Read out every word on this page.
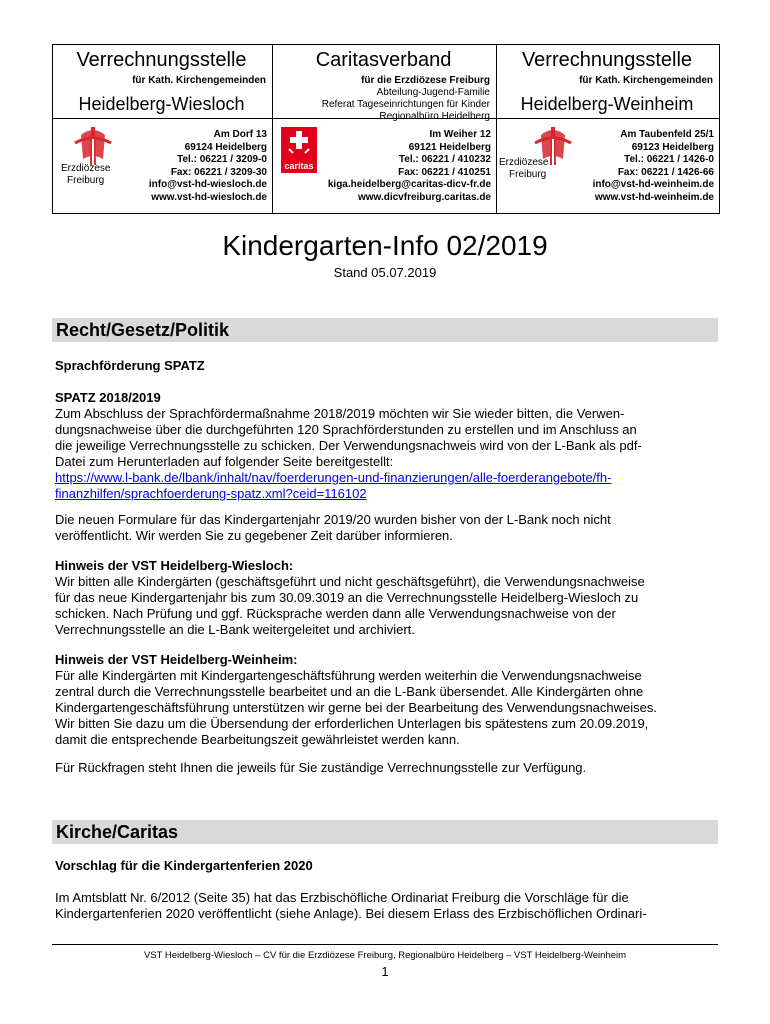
Verrechnungsstelle
für Kath. Kirchengemeinden
Heidelberg-Wiesloch
Erzdiözese
Freiburg
Am Dorf 13
69124 Heidelberg
Tel.: 06221 / 3209-0
Fax: 06221 / 3209-30
info@vst-hd-wiesloch.de
www.vst-hd-wiesloch.de
Caritasverband
für die Erzdiözese Freiburg
Abteilung-Jugend-Familie
Referat Tageseinrichtungen für Kinder
Regionalbüro Heidelberg
caritas
Im Weiher 12
69121 Heidelberg
Tel.: 06221 / 410232
Fax: 06221 / 410251
kiga.heidelberg@caritas-dicv-fr.de
www.dicvfreiburg.caritas.de
Verrechnungsstelle
für Kath. Kirchengemeinden
Heidelberg-Weinheim
Erzdiözese
Freiburg
Am Taubenfeld 25/1
69123 Heidelberg
Tel.: 06221 / 1426-0
Fax: 06221 / 1426-66
info@vst-hd-weinheim.de
www.vst-hd-weinheim.de
Kindergarten-Info 02/2019
Stand 05.07.2019
Recht/Gesetz/Politik
Sprachförderung SPATZ
SPATZ 2018/2019
Zum Abschluss der Sprachfördermaßnahme 2018/2019 möchten wir Sie wieder bitten, die Verwen-
dungsnachweise über die durchgeführten 120 Sprachförderstunden zu erstellen und im Anschluss an
die jeweilige Verrechnungsstelle zu schicken. Der Verwendungsnachweis wird von der L-Bank als pdf-
Datei zum Herunterladen auf folgender Seite bereitgestellt:
https://www.l-bank.de/lbank/inhalt/nav/foerderungen-und-finanzierungen/alle-foerderangebote/fh-
finanzhilfen/sprachfoerderung-spatz.xml?ceid=116102
Die neuen Formulare für das Kindergartenjahr 2019/20 wurden bisher von der L-Bank noch nicht
veröffentlicht. Wir werden Sie zu gegebener Zeit darüber informieren.
Hinweis der VST Heidelberg-Wiesloch:
Wir bitten alle Kindergärten (geschäftsgeführt und nicht geschäftsgeführt), die Verwendungsnachweise
für das neue Kindergartenjahr bis zum 30.09.3019 an die Verrechnungsstelle Heidelberg-Wiesloch zu
schicken. Nach Prüfung und ggf. Rücksprache werden dann alle Verwendungsnachweise von der
Verrechnungsstelle an die L-Bank weitergeleitet und archiviert.
Hinweis der VST Heidelberg-Weinheim:
Für alle Kindergärten mit Kindergartengeschäftsführung werden weiterhin die Verwendungsnachweise
zentral durch die Verrechnungsstelle bearbeitet und an die L-Bank übersendet. Alle Kindergärten ohne
Kindergartengeschäftsführung unterstützen wir gerne bei der Bearbeitung des Verwendungsnachweises.
Wir bitten Sie dazu um die Übersendung der erforderlichen Unterlagen bis spätestens zum 20.09.2019,
damit die entsprechende Bearbeitungszeit gewährleistet werden kann.
Für Rückfragen steht Ihnen die jeweils für Sie zuständige Verrechnungsstelle zur Verfügung.
Kirche/Caritas
Vorschlag für die Kindergartenferien 2020
Im Amtsblatt Nr. 6/2012 (Seite 35) hat das Erzbischöfliche Ordinariat Freiburg die Vorschläge für die
Kindergartenferien 2020 veröffentlicht (siehe Anlage). Bei diesem Erlass des Erzbischöflichen Ordinari-
VST Heidelberg-Wiesloch – CV für die Erzdiözese Freiburg, Regionalbüro Heidelberg – VST Heidelberg-Weinheim
1
